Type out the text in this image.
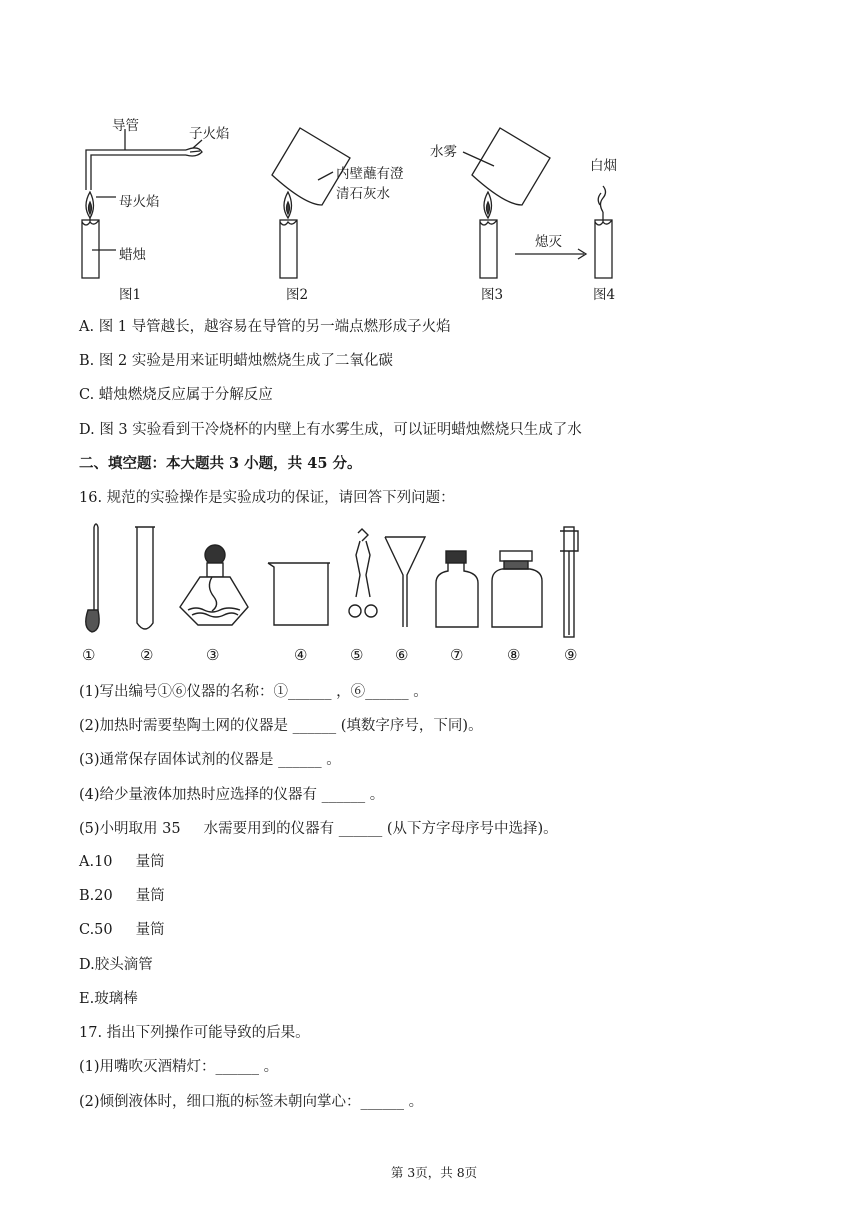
导管	子火焰
母火焰
蜡烛
内壁蘸有澄
清石灰水
水雾
白烟
熄灭
图1	图2	图3	图4
A. 图 1 导管越长，越容易在导管的另一端点燃形成子火焰
B. 图 2 实验是用来证明蜡烛燃烧生成了二氧化碳
C. 蜡烛燃烧反应属于分解反应
D. 图 3 实验看到干冷烧杯的内壁上有水雾生成，可以证明蜡烛燃烧只生成了水
二、填空题：本大题共 3 小题，共 45 分。
16. 规范的实验操作是实验成功的保证，请回答下列问题：
①	②	③	④	⑤ ⑥	⑦	⑧	⑨
(1)写出编号①⑥仪器的名称：①______ ，⑥______ 。
(2)加热时需要垫陶土网的仪器是 ______ (填数字序号，下同)。
(3)通常保存固体试剂的仪器是 ______ 。
(4)给少量液体加热时应选择的仪器有 ______ 。
(5)小明取用 35     水需要用到的仪器有 ______ (从下方字母序号中选择)。
A.10     量筒
B.20     量筒
C.50     量筒
D.胶头滴管
E.玻璃棒
17. 指出下列操作可能导致的后果。
(1)用嘴吹灭酒精灯：______ 。
(2)倾倒液体时，细口瓶的标签未朝向掌心：______ 。
第 3页，共 8页
